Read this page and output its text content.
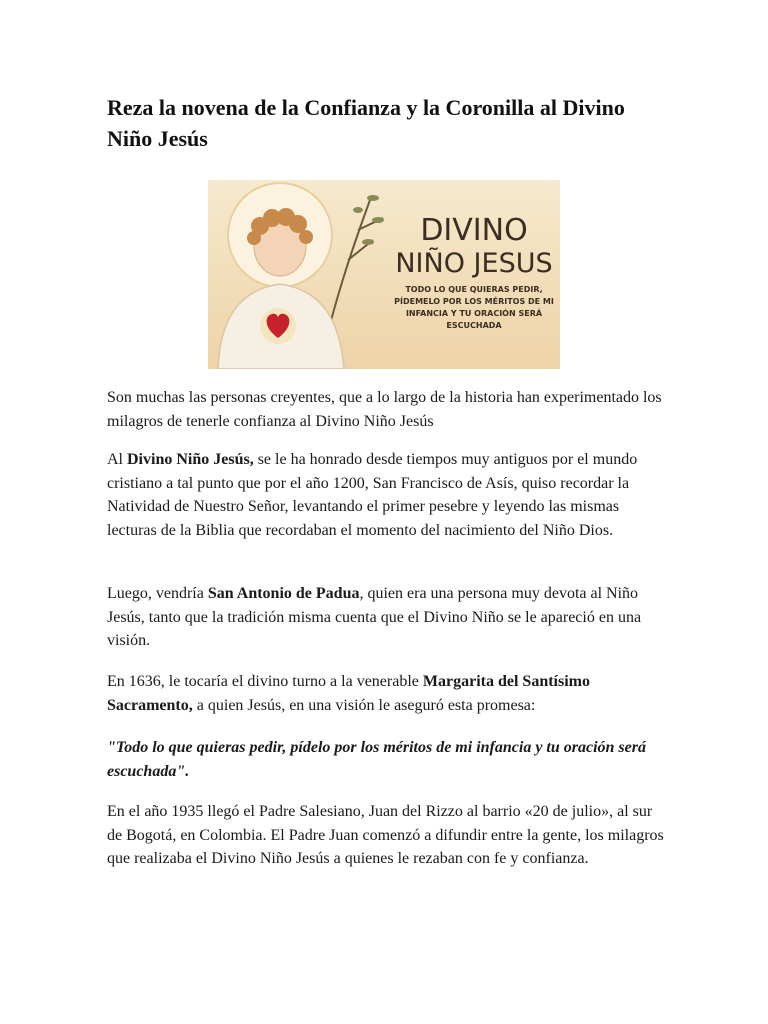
Reza la novena de la Confianza y la Coronilla al Divino Niño Jesús
DIVINO
NIÑO JESUS
TODO LO QUE QUIERAS PEDIR,
PÍDEMELO POR LOS MÉRITOS DE MI
INFANCIA Y TU ORACIÓN SERÁ
ESCUCHADA

Son muchas las personas creyentes, que a lo largo de la historia han experimentado los milagros de tenerle confianza al Divino Niño Jesús

Al Divino Niño Jesús, se le ha honrado desde tiempos muy antiguos por el mundo cristiano a tal punto que por el año 1200, San Francisco de Asís, quiso recordar la Natividad de Nuestro Señor, levantando el primer pesebre y leyendo las mismas lecturas de la Biblia que recordaban el momento del nacimiento del Niño Dios.

Luego, vendría San Antonio de Padua, quien era una persona muy devota al Niño Jesús, tanto que la tradición misma cuenta que el Divino Niño se le apareció en una visión.

En 1636, le tocaría el divino turno a la venerable Margarita del Santísimo Sacramento, a quien Jesús, en una visión le aseguró esta promesa:

"Todo lo que quieras pedir, pídelo por los méritos de mi infancia y tu oración será escuchada".

En el año 1935 llegó el Padre Salesiano, Juan del Rizzo al barrio «20 de julio», al sur de Bogotá, en Colombia. El Padre Juan comenzó a difundir entre la gente, los milagros que realizaba el Divino Niño Jesús a quienes le rezaban con fe y confianza.
